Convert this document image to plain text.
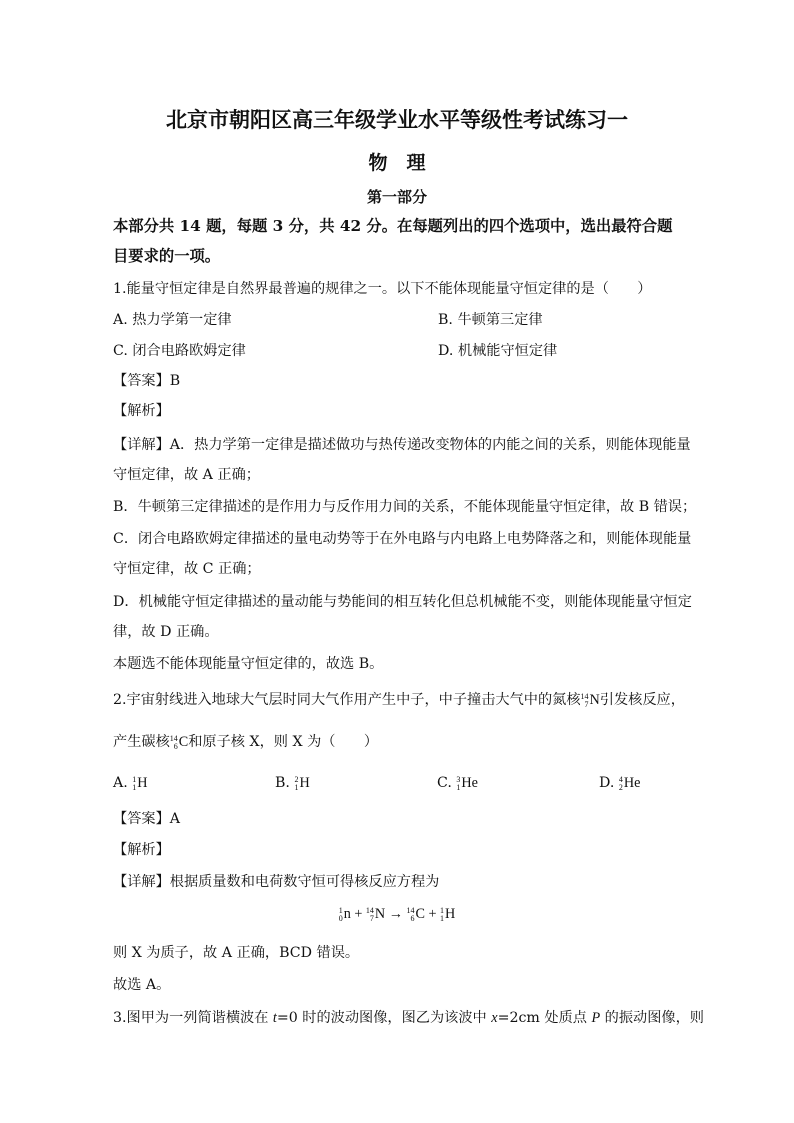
北京市朝阳区高三年级学业水平等级性考试练习一
物　理
第一部分
本部分共 14 题，每题 3 分，共 42 分。在每题列出的四个选项中，选出最符合题
目要求的一项。
1.能量守恒定律是自然界最普遍的规律之一。以下不能体现能量守恒定律的是（　　）
A. 热力学第一定律	B. 牛顿第三定律
C. 闭合电路欧姆定律	D. 机械能守恒定律
【答案】B
【解析】
【详解】A．热力学第一定律是描述做功与热传递改变物体的内能之间的关系，则能体现能量
守恒定律，故 A 正确；
B．牛顿第三定律描述的是作用力与反作用力间的关系，不能体现能量守恒定律，故 B 错误；
C．闭合电路欧姆定律描述的量电动势等于在外电路与内电路上电势降落之和，则能体现能量
守恒定律，故 C 正确；
D．机械能守恒定律描述的量动能与势能间的相互转化但总机械能不变，则能体现能量守恒定
律，故 D 正确。
本题选不能体现能量守恒定律的，故选 B。
2.宇宙射线进入地球大气层时同大气作用产生中子，中子撞击大气中的氮核 14
7 N引发核反应，
产生碳核 14
6 C和原子核 X，则 X 为（　　）
A. 1
1 H	B. 2
1 H	C. 3
1 He	D. 4
2 He
【答案】A
【解析】
【详解】根据质量数和电荷数守恒可得核反应方程为
1
0 n + 14
7 N → 14
6 C + 1
1 H
则 X 为质子，故 A 正确，BCD 错误。
故选 A。
3.图甲为一列简谐横波在 t=0 时的波动图像，图乙为该波中 x=2cm 处质点 P 的振动图像，则
